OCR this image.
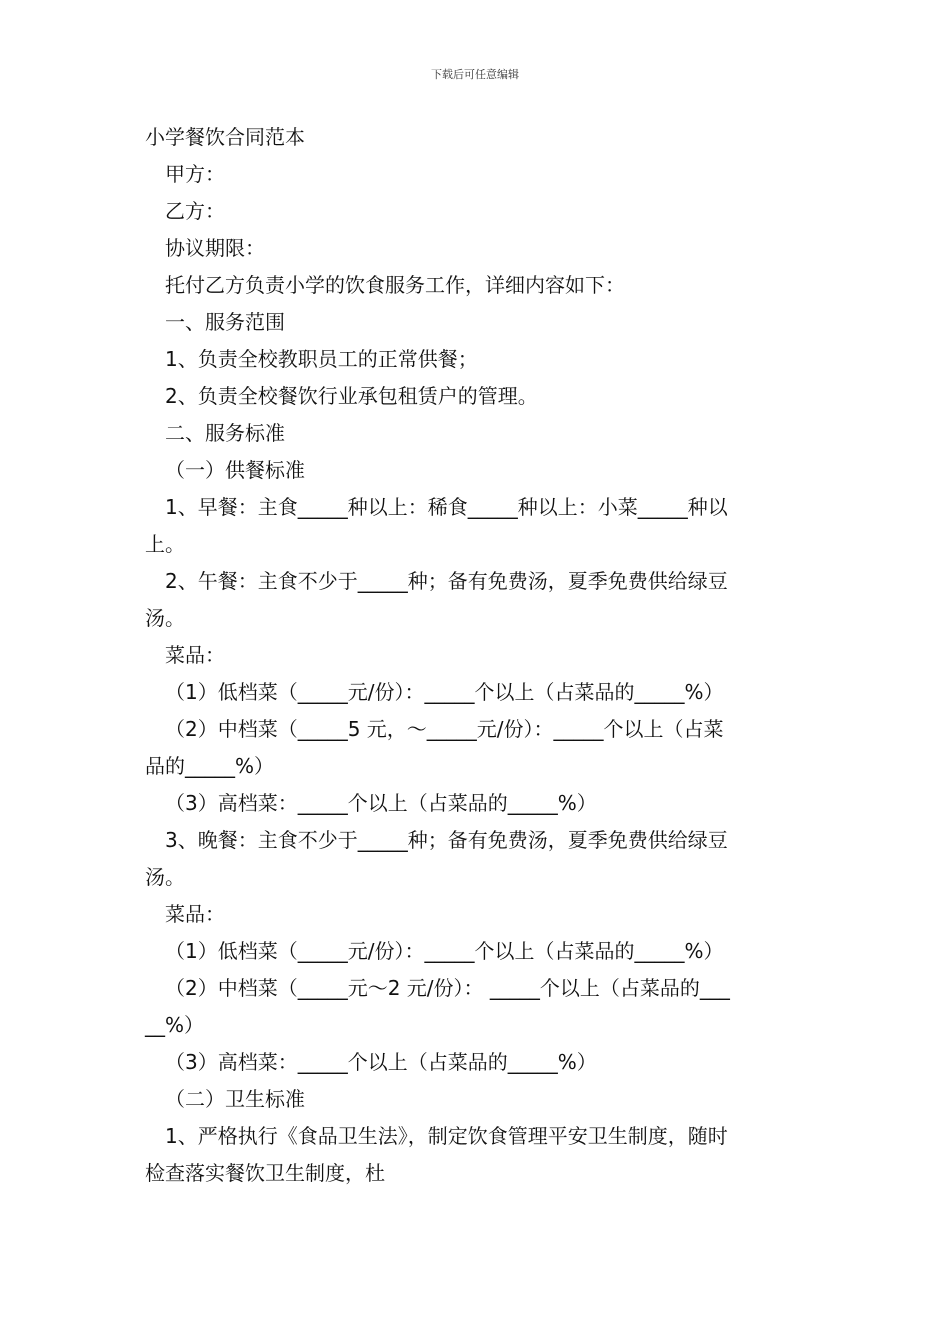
下载后可任意编辑
小学餐饮合同范本
甲方：
乙方：
协议期限：
托付乙方负责小学的饮食服务工作，详细内容如下：
一、服务范围
1、负责全校教职员工的正常供餐；
2、负责全校餐饮行业承包租赁户的管理。
二、服务标准
（一）供餐标准
1、早餐：主食_____种以上：稀食_____种以上：小菜_____种以
上。
2、午餐：主食不少于_____种；备有免费汤，夏季免费供给绿豆
汤。
菜品：
（1）低档菜（_____元/份）：_____个以上（占菜品的_____%）
（2）中档菜（_____5 元，～_____元/份）：_____个以上（占菜
品的_____%）
（3）高档菜：_____个以上（占菜品的_____%）
3、晚餐：主食不少于_____种；备有免费汤，夏季免费供给绿豆
汤。
菜品：
（1）低档菜（_____元/份）：_____个以上（占菜品的_____%）
（2）中档菜（_____元～2 元/份）： _____个以上（占菜品的___
__%）
（3）高档菜：_____个以上（占菜品的_____%）
（二）卫生标准
1、严格执行《食品卫生法》，制定饮食管理平安卫生制度，随时
检查落实餐饮卫生制度，杜
